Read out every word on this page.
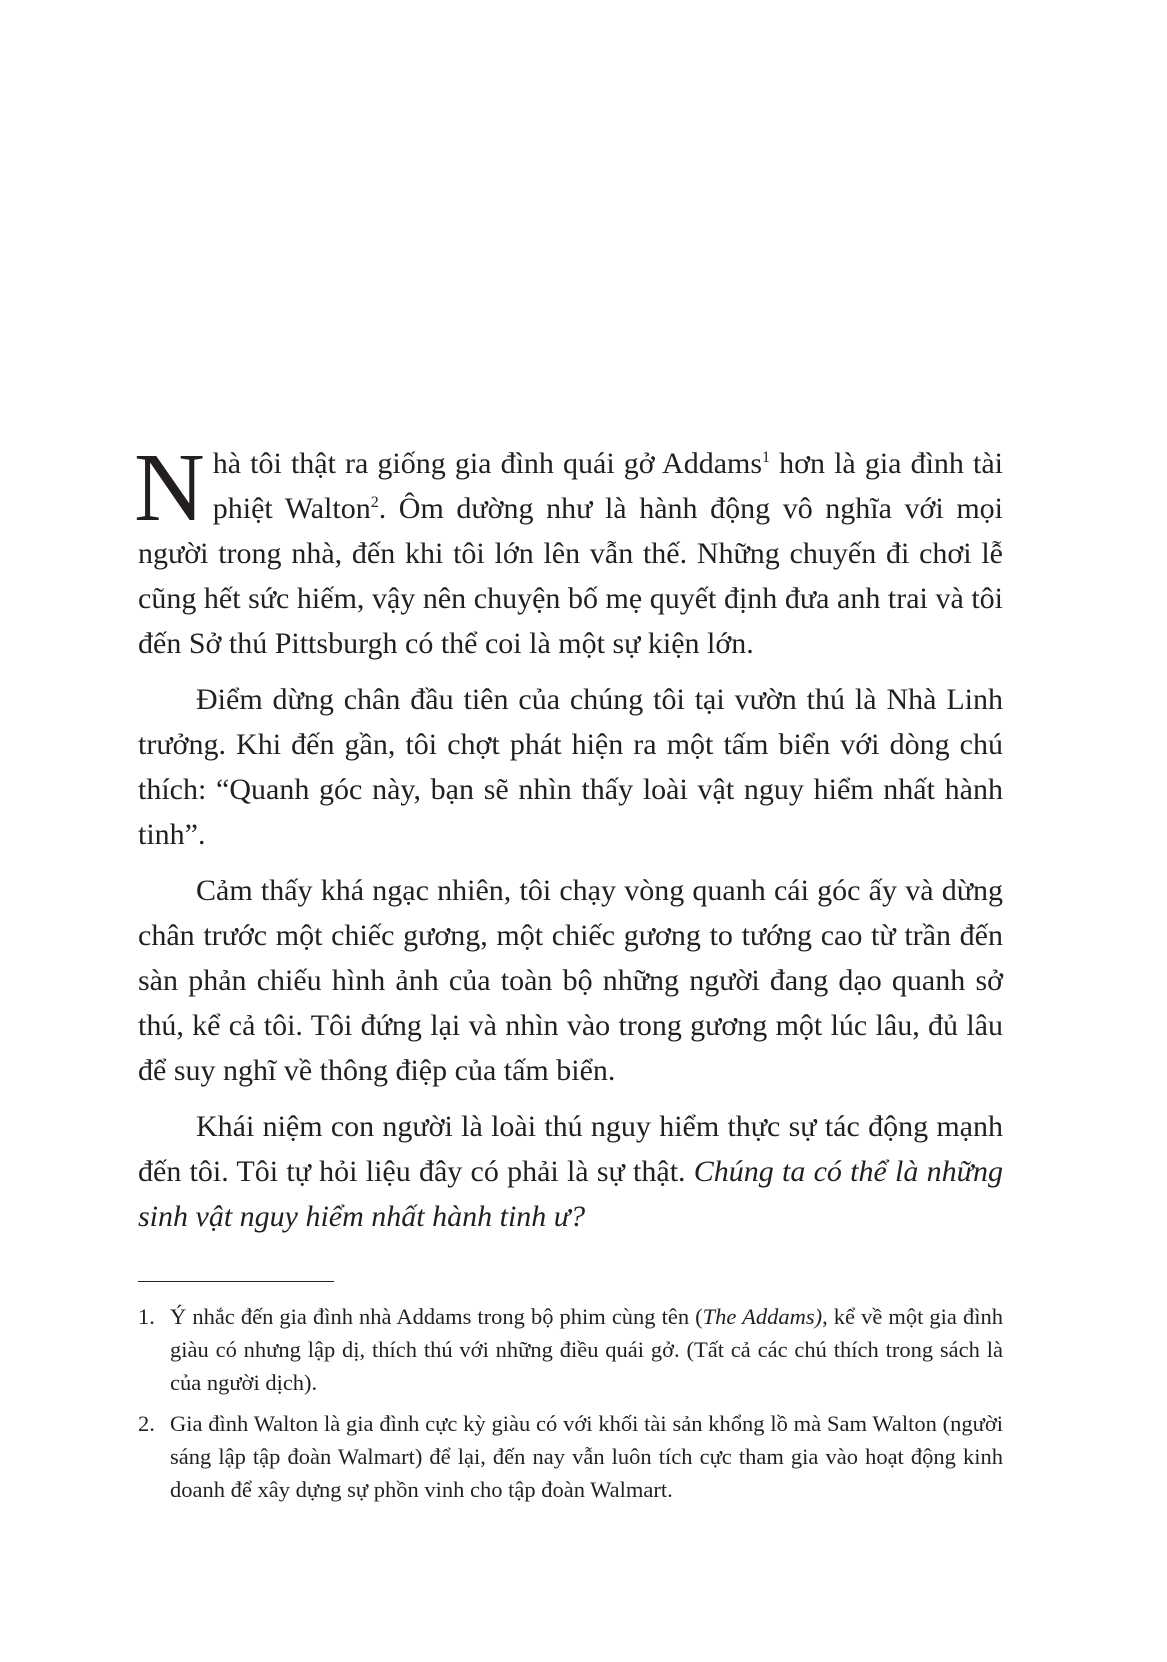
Nhà tôi thật ra giống gia đình quái gở Addams$^1$ hơn là gia đình tài phiệt Walton$^2$. Ôm dường như là hành động vô nghĩa với mọi người trong nhà, đến khi tôi lớn lên vẫn thế. Những chuyến đi chơi lễ cũng hết sức hiếm, vậy nên chuyện bố mẹ quyết định đưa anh trai và tôi đến Sở thú Pittsburgh có thể coi là một sự kiện lớn.

Điểm dừng chân đầu tiên của chúng tôi tại vườn thú là Nhà Linh trưởng. Khi đến gần, tôi chợt phát hiện ra một tấm biển với dòng chú thích: “Quanh góc này, bạn sẽ nhìn thấy loài vật nguy hiểm nhất hành tinh”.

Cảm thấy khá ngạc nhiên, tôi chạy vòng quanh cái góc ấy và dừng chân trước một chiếc gương, một chiếc gương to tướng cao từ trần đến sàn phản chiếu hình ảnh của toàn bộ những người đang dạo quanh sở thú, kể cả tôi. Tôi đứng lại và nhìn vào trong gương một lúc lâu, đủ lâu để suy nghĩ về thông điệp của tấm biển.

Khái niệm con người là loài thú nguy hiểm thực sự tác động mạnh đến tôi. Tôi tự hỏi liệu đây có phải là sự thật. Chúng ta có thể là những sinh vật nguy hiểm nhất hành tinh ư?

1. Ý nhắc đến gia đình nhà Addams trong bộ phim cùng tên (The Addams), kể về một gia đình giàu có nhưng lập dị, thích thú với những điều quái gở. (Tất cả các chú thích trong sách là của người dịch).
2. Gia đình Walton là gia đình cực kỳ giàu có với khối tài sản khổng lồ mà Sam Walton (người sáng lập tập đoàn Walmart) để lại, đến nay vẫn luôn tích cực tham gia vào hoạt động kinh doanh để xây dựng sự phồn vinh cho tập đoàn Walmart.
